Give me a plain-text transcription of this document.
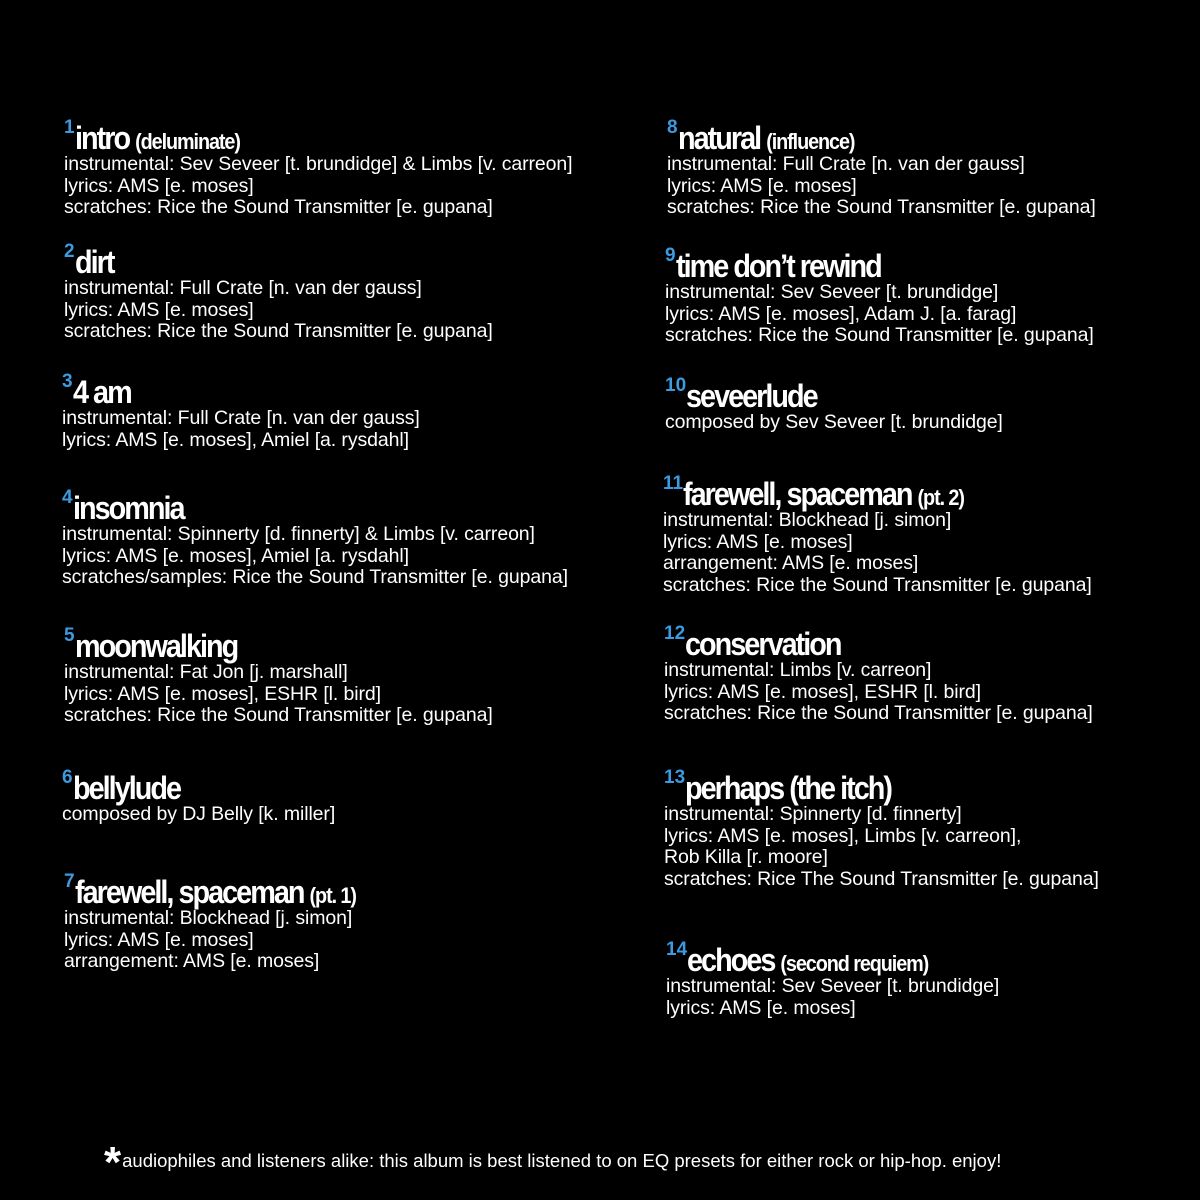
1intro (deluminate)
instrumental: Sev Seveer [t. brundidge] & Limbs [v. carreon]
lyrics: AMS [e. moses]
scratches: Rice the Sound Transmitter [e. gupana]
2dirt
instrumental: Full Crate [n. van der gauss]
lyrics: AMS [e. moses]
scratches: Rice the Sound Transmitter [e. gupana]
34 am
instrumental: Full Crate [n. van der gauss]
lyrics: AMS [e. moses], Amiel [a. rysdahl]
4insomnia
instrumental: Spinnerty [d. finnerty] & Limbs [v. carreon]
lyrics: AMS [e. moses], Amiel [a. rysdahl]
scratches/samples: Rice the Sound Transmitter [e. gupana]
5moonwalking
instrumental: Fat Jon [j. marshall]
lyrics: AMS [e. moses], ESHR [l. bird]
scratches: Rice the Sound Transmitter [e. gupana]
6bellylude
composed by DJ Belly [k. miller]
7farewell, spaceman (pt. 1)
instrumental: Blockhead [j. simon]
lyrics: AMS [e. moses]
arrangement: AMS [e. moses]
8natural (influence)
instrumental: Full Crate [n. van der gauss]
lyrics: AMS [e. moses]
scratches: Rice the Sound Transmitter [e. gupana]
9time don’t rewind
instrumental: Sev Seveer [t. brundidge]
lyrics: AMS [e. moses], Adam J. [a. farag]
scratches: Rice the Sound Transmitter [e. gupana]
10seveerlude
composed by Sev Seveer [t. brundidge]
11farewell, spaceman (pt. 2)
instrumental: Blockhead [j. simon]
lyrics: AMS [e. moses]
arrangement: AMS [e. moses]
scratches: Rice the Sound Transmitter [e. gupana]
12conservation
instrumental: Limbs [v. carreon]
lyrics: AMS [e. moses], ESHR [l. bird]
scratches: Rice the Sound Transmitter [e. gupana]
13perhaps (the itch)
instrumental: Spinnerty [d. finnerty]
lyrics: AMS [e. moses], Limbs [v. carreon],
Rob Killa [r. moore]
scratches: Rice The Sound Transmitter [e. gupana]
14echoes (second requiem)
instrumental: Sev Seveer [t. brundidge]
lyrics: AMS [e. moses]
*audiophiles and listeners alike: this album is best listened to on EQ presets for either rock or hip-hop. enjoy!
